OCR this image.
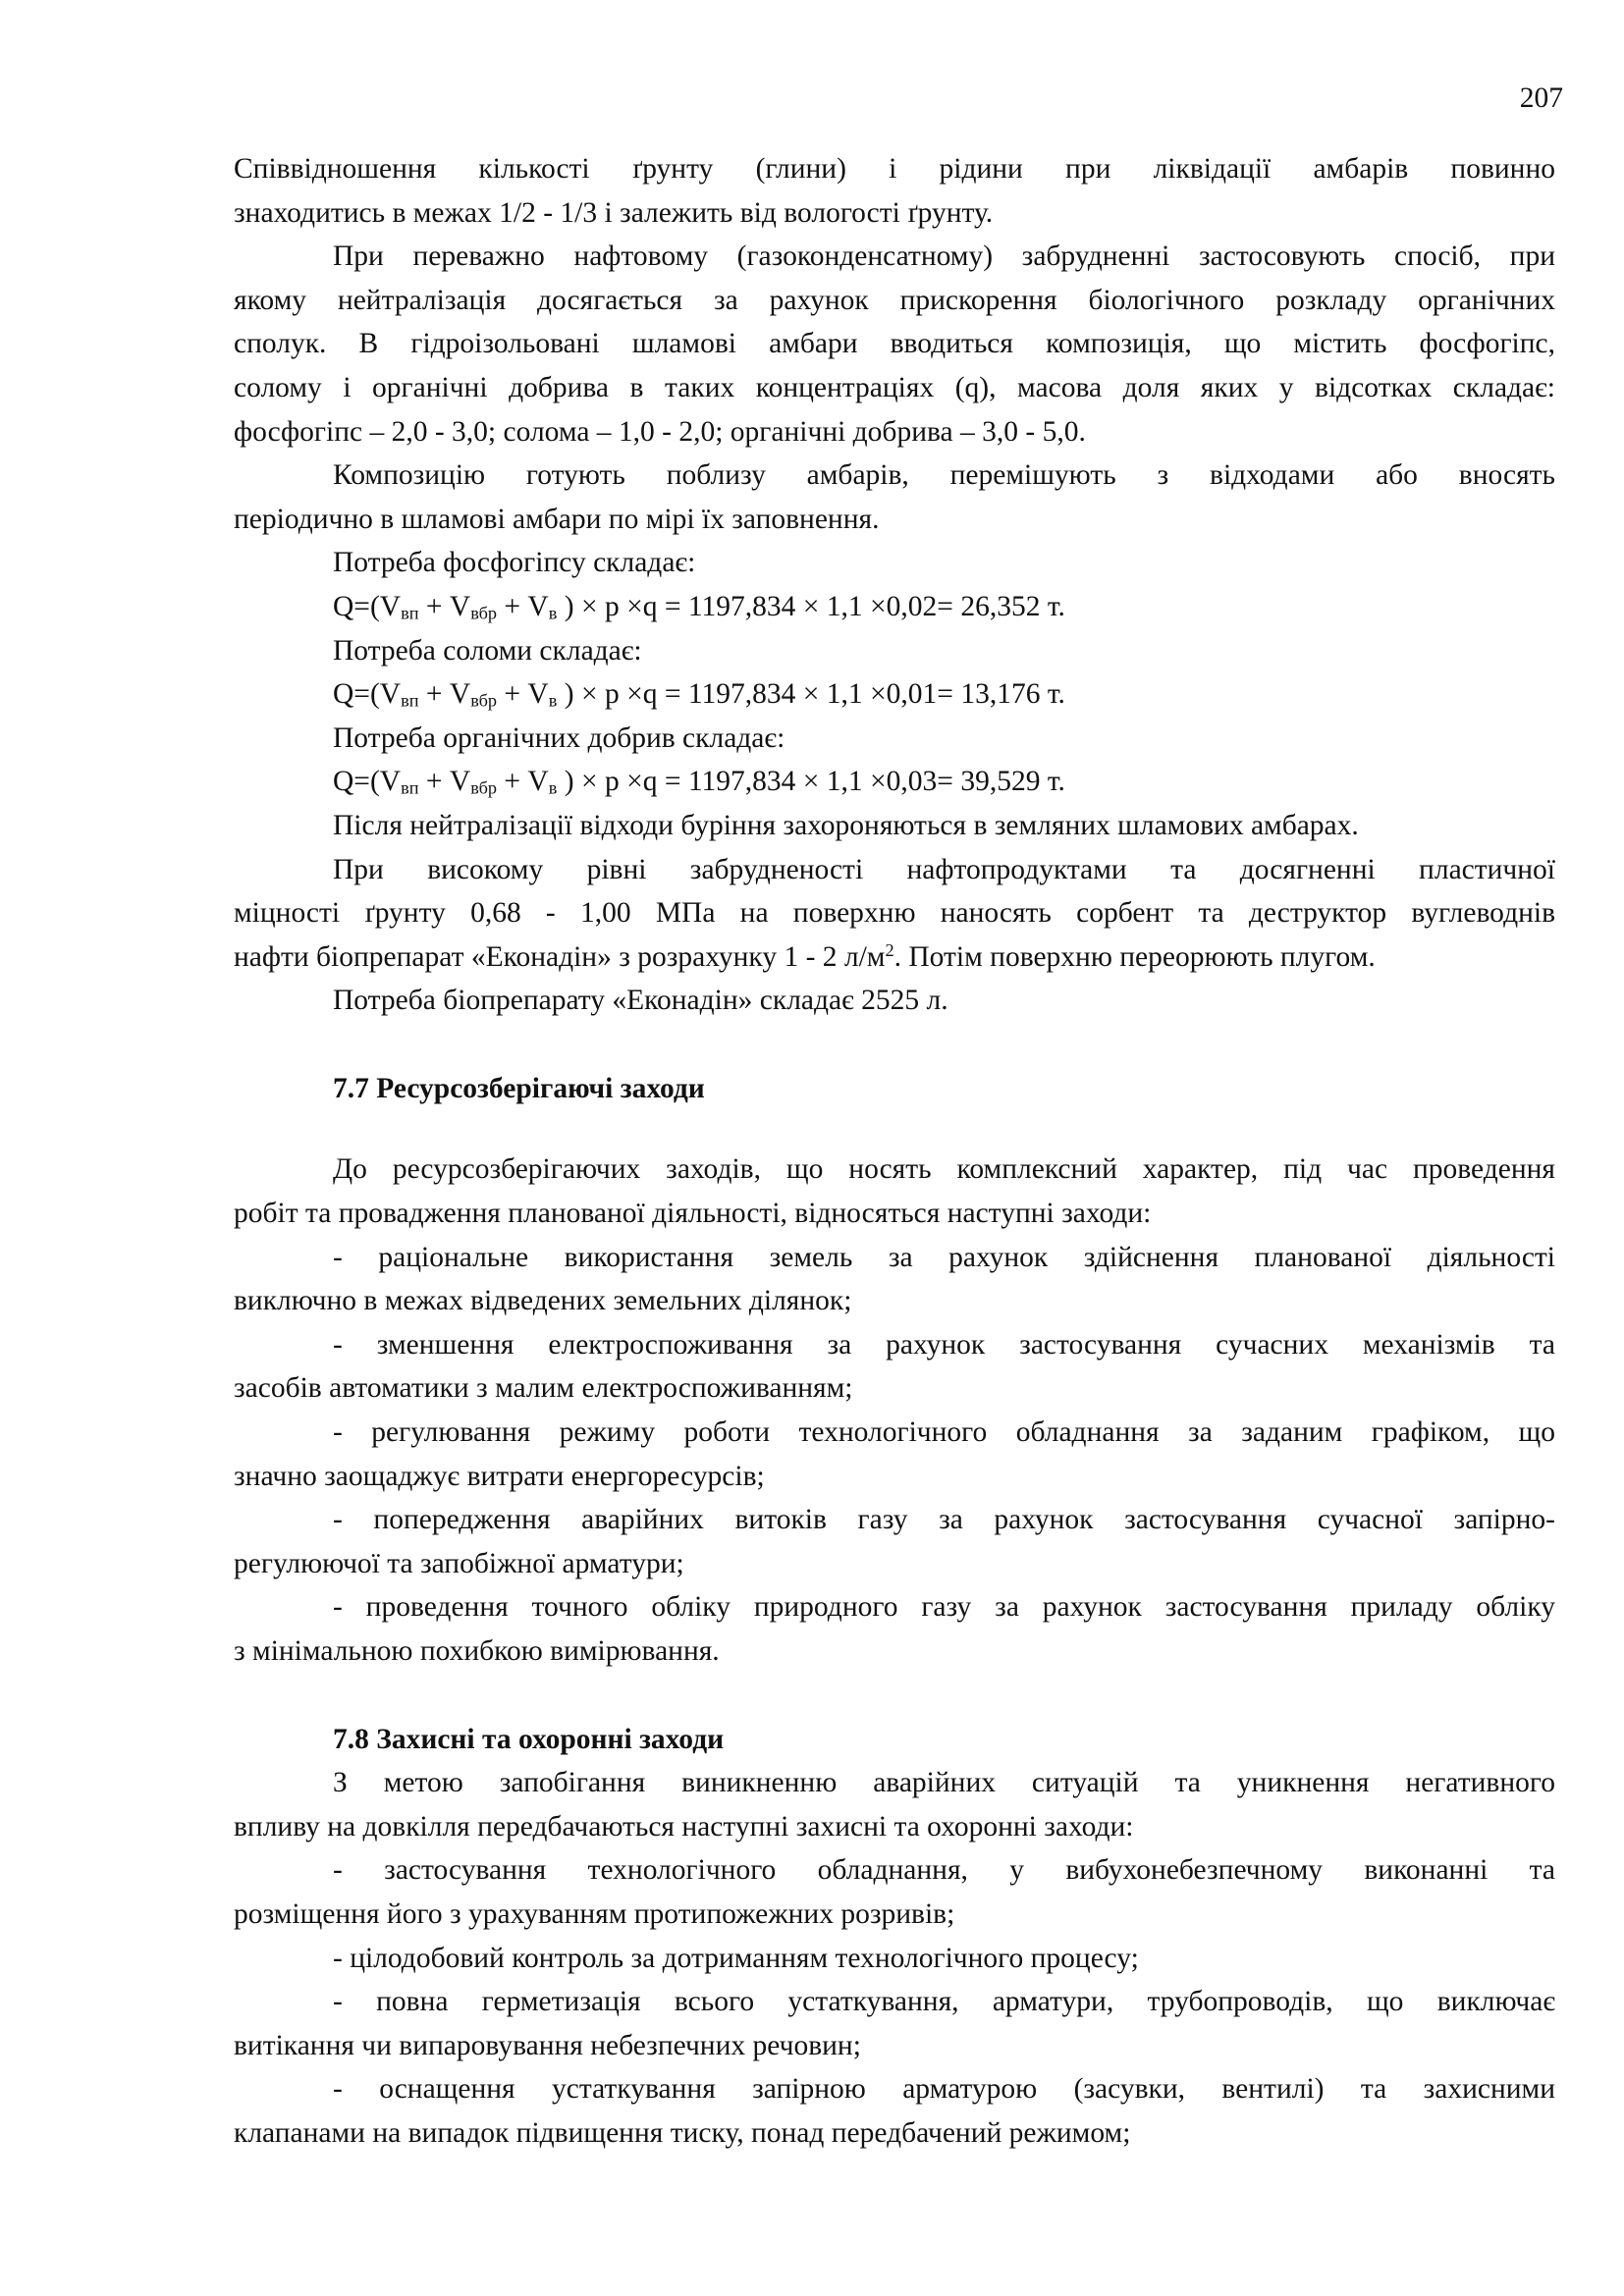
207
Співвідношення кількості ґрунту (глини) і рідини при ліквідації амбарів повинно
знаходитись в межах 1/2 - 1/3 і залежить від вологості ґрунту.
При переважно нафтовому (газоконденсатному) забрудненні застосовують спосіб, при
якому нейтралізація досягається за рахунок прискорення біологічного розкладу органічних
сполук. В гідроізольовані шламові амбари вводиться композиція, що містить фосфогіпс,
солому і органічні добрива в таких концентраціях (q), масова доля яких у відсотках складає:
фосфогіпс – 2,0 - 3,0; солома – 1,0 - 2,0; органічні добрива – 3,0 - 5,0.
Композицію готують поблизу амбарів, перемішують з відходами або вносять
періодично в шламові амбари по мірі їх заповнення.
Потреба фосфогіпсу складає:
$Q=(V_{вп} + V_{вбр} + V_в$ ) × p ×q = 1197,834 × 1,1 ×0,02= 26,352 т.
Потреба соломи складає:
$Q=(V_{вп} + V_{вбр} + V_в$ ) × p ×q = 1197,834 × 1,1 ×0,01= 13,176 т.
Потреба органічних добрив складає:
$Q=(V_{вп} + V_{вбр} + V_в$ ) × p ×q = 1197,834 × 1,1 ×0,03= 39,529 т.
Після нейтралізації відходи буріння захороняються в земляних шламових амбарах.
При високому рівні забрудненості нафтопродуктами та досягненні пластичної
міцності ґрунту 0,68 - 1,00 МПа на поверхню наносять сорбент та деструктор вуглеводнів
нафти біопрепарат «Еконадін» з розрахунку 1 - 2 $л/м^2$. Потім поверхню переорюють плугом.
Потреба біопрепарату «Еконадін» складає 2525 л.
7.7 Ресурсозберігаючі заходи
До ресурсозберігаючих заходів, що носять комплексний характер, під час проведення
робіт та провадження планованої діяльності, відносяться наступні заходи:
- раціональне використання земель за рахунок здійснення планованої діяльності
виключно в межах відведених земельних ділянок;
- зменшення електроспоживання за рахунок застосування сучасних механізмів та
засобів автоматики з малим електроспоживанням;
- регулювання режиму роботи технологічного обладнання за заданим графіком, що
значно заощаджує витрати енергоресурсів;
- попередження аварійних витоків газу за рахунок застосування сучасної запірно-
регулюючої та запобіжної арматури;
- проведення точного обліку природного газу за рахунок застосування приладу обліку
з мінімальною похибкою вимірювання.
7.8 Захисні та охоронні заходи
З метою запобігання виникненню аварійних ситуацій та уникнення негативного
впливу на довкілля передбачаються наступні захисні та охоронні заходи:
- застосування технологічного обладнання, у вибухонебезпечному виконанні та
розміщення його з урахуванням протипожежних розривів;
- цілодобовий контроль за дотриманням технологічного процесу;
- повна герметизація всього устаткування, арматури, трубопроводів, що виключає
витікання чи випаровування небезпечних речовин;
- оснащення устаткування запірною арматурою (засувки, вентилі) та захисними
клапанами на випадок підвищення тиску, понад передбачений режимом;
